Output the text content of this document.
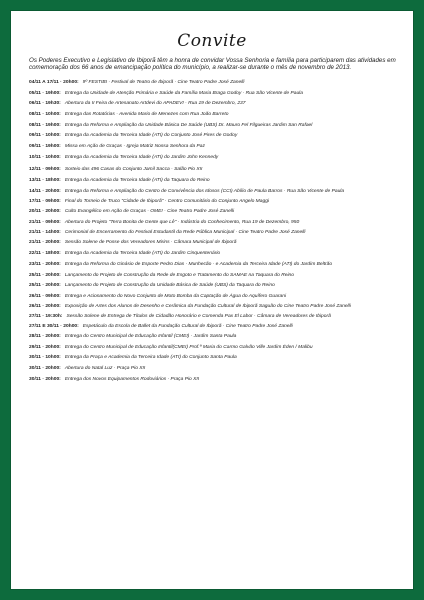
Convite

Os Poderes Executivo e Legislativo de Ibiporã têm a honra de convidar Vossa Senhoria e família para participarem das atividades em comemoração dos 66 anos de emancipação política do município, a realizar-se durante o mês de novembro de 2013.

04/11 A 17/11 · 20h00: 9º FESTIBI · Festival de Teatro de Ibiporã · Cine Teatro Padre José Zanelli
05/11 · 19h00: Entrega da Unidade de Atenção Primária e Saúde da Família Maria Braga Godoy · Rua São Vicente de Paula
06/11 · 19h30: Abertura da II Feira de Artesanato Artdevi do APADEVI · Rua 19 de Dezembro, 237
08/11 · 10h00: Entrega das Rotatórias · Avenida Mario de Menezes com Rua João Barreto
08/11 · 19h00: Entrega da Reforma e Ampliação da Unidade Básica De Saúde (UBS) Dr. Mauro Fel Filgueiras Jardim San Rafael
09/11 · 10h00: Entrega da Academia da Terceira Idade (ATI) do Conjunto José Pires de Godoy
09/11 · 19h00: Missa em Ação de Graças · Igreja Matriz Nossa Senhora da Paz
10/11 · 10h00: Entrega da Academia da Terceira Idade (ATI) do Jardim John Kennedy
12/11 · 09h00: Sorteio das 496 Casas do Conjunto Jamil Sacca · Salão Pio XII
13/11 · 18h00: Entrega da Academia da Terceira Idade (ATI) da Taquara do Reino
14/11 · 20h00: Entrega da Reforma e Ampliação do Centro de Convivência dos Idosos (CCI) Abílio de Paula Barros · Rua São Vicente de Paula
17/11 · 09h00: Final do Torneio de Truco "Cidade de Ibiporã" · Centro Comunitário do Conjunto Angelo Maggi
20/11 · 20h00: Culto Evangélico em Ação de Graças · OMEI · Cine Teatro Padre José Zanelli
21/11 · 09h00: Abertura do Projeto "Terra Bonita de Gente que Lê" · Indústria do Conhecimento, Rua 19 de Dezembro, 950
21/11 · 14h00: Cerimonial de Encerramento do Festival Estudantil da Rede Pública Municipal · Cine Teatro Padre José Zanelli
21/11 · 20h00: Sessão Solene de Posse dos Vereadores Mirins · Câmara Municipal de Ibiporã
22/11 · 18h00: Entrega da Academia da Terceira Idade (ATI) do Jardim Cinquentenário
23/11 · 20h00: Entrega da Reforma do Ginásio de Esporte Pedro Dias · Munhecão · e Academia da Terceira Idade (ATI) do Jardim Beltrão
25/11 · 20h00: Lançamento do Projeto de Construção da Rede de Esgoto e Tratamento do SAMAE na Taquara do Reino
25/11 · 20h00: Lançamento do Projeto de Construção da Unidade Básica de Saúde (UBS) da Taquara do Reino
26/11 · 09h00: Entrega e Acionamento do Novo Conjunto de Moto Bomba da Captação de Água do Aquífero Guarani
26/11 · 20h00: Exposição de Artes dos Alunos de Desenho e Cerâmica da Fundação Cultural de Ibiporã Saguão do Cine Teatro Padre José Zanelli
27/11 · 19:30h: Sessão Solene de Entrega de Títulos de Cidadão Honorário e Comenda Pax El Labor · Câmara de Vereadores de Ibiporã
27/11 E 30/11 · 20h00: Espetáculo da Escola de Ballet da Fundação Cultural de Ibiporã · Cine Teatro Padre José Zanelli
28/11 · 20h00: Entrega do Centro Municipal de Educação Infantil (CMEI) · Jardim Santa Paula
29/11 · 20h00: Entrega do Centro Municipal de Educação Infantil(CMEI) Prof.ª Maria do Carmo Galvão Ville Jardim Éden / Malibu
30/11 · 10h00: Entrega da Praça e Academia da Terceira Idade (ATI) do Conjunto Santa Paula
30/11 · 20h00: Abertura do Natal Luz · Praça Pio XII
30/11 · 20h00: Entrega dos Novos Equipamentos Rodoviários · Praça Pio XII
